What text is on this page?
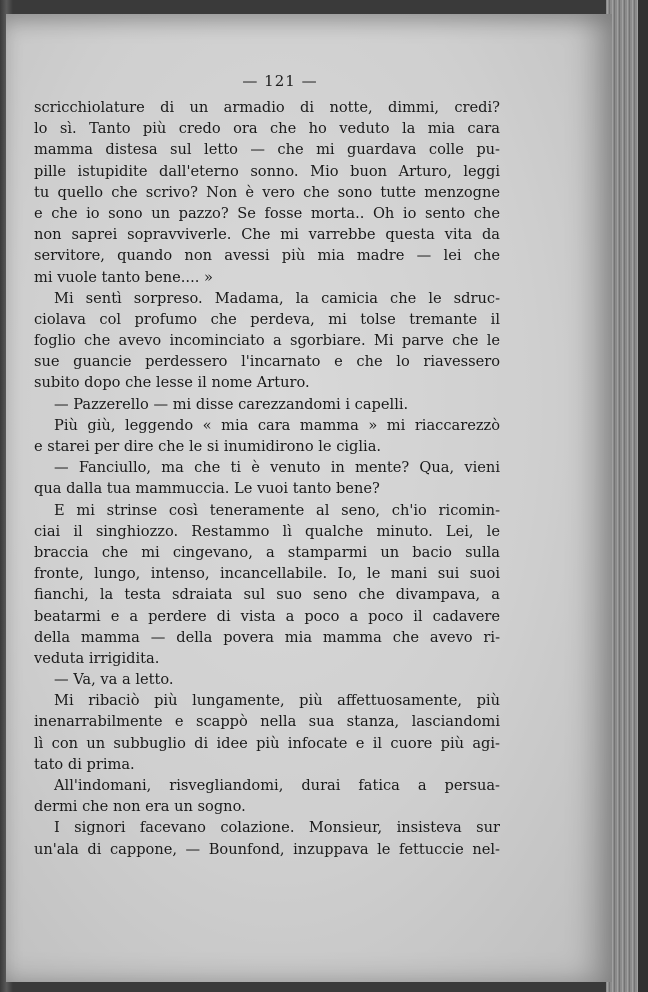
— 121 —
scricchiolature di un armadio di notte, dimmi, credi?
lo sì. Tanto più credo ora che ho veduto la mia cara
mamma distesa sul letto — che mi guardava colle pu-
pille istupidite dall'eterno sonno. Mio buon Arturo, leggi
tu quello che scrivo? Non è vero che sono tutte menzogne
e che io sono un pazzo? Se fosse morta.. Oh io sento che
non saprei sopravviverle. Che mi varrebbe questa vita da
servitore, quando non avessi più mia madre — lei che
mi vuole tanto bene.... »
Mi sentì sorpreso. Madama, la camicia che le sdruc-
ciolava col profumo che perdeva, mi tolse tremante il
foglio che avevo incominciato a sgorbiare. Mi parve che le
sue guancie perdessero l'incarnato e che lo riavessero
subito dopo che lesse il nome Arturo.
— Pazzerello — mi disse carezzandomi i capelli.
Più giù, leggendo « mia cara mamma » mi riaccarezzò
e starei per dire che le si inumidirono le ciglia.
— Fanciullo, ma che ti è venuto in mente? Qua, vieni
qua dalla tua mammuccia. Le vuoi tanto bene?
E mi strinse così teneramente al seno, ch'io ricomin-
ciai il singhiozzo. Restammo lì qualche minuto. Lei, le
braccia che mi cingevano, a stamparmi un bacio sulla
fronte, lungo, intenso, incancellabile. Io, le mani sui suoi
fianchi, la testa sdraiata sul suo seno che divampava, a
beatarmi e a perdere di vista a poco a poco il cadavere
della mamma — della povera mia mamma che avevo ri-
veduta irrigidita.
— Va, va a letto.
Mi ribaciò più lungamente, più affettuosamente, più
inenarrabilmente e scappò nella sua stanza, lasciandomi
lì con un subbuglio di idee più infocate e il cuore più agi-
tato di prima.
All'indomani, risvegliandomi, durai fatica a persua-
dermi che non era un sogno.
I signori facevano colazione. Monsieur, insisteva sur
un'ala di cappone, — Bounfond, inzuppava le fettuccie nel-
